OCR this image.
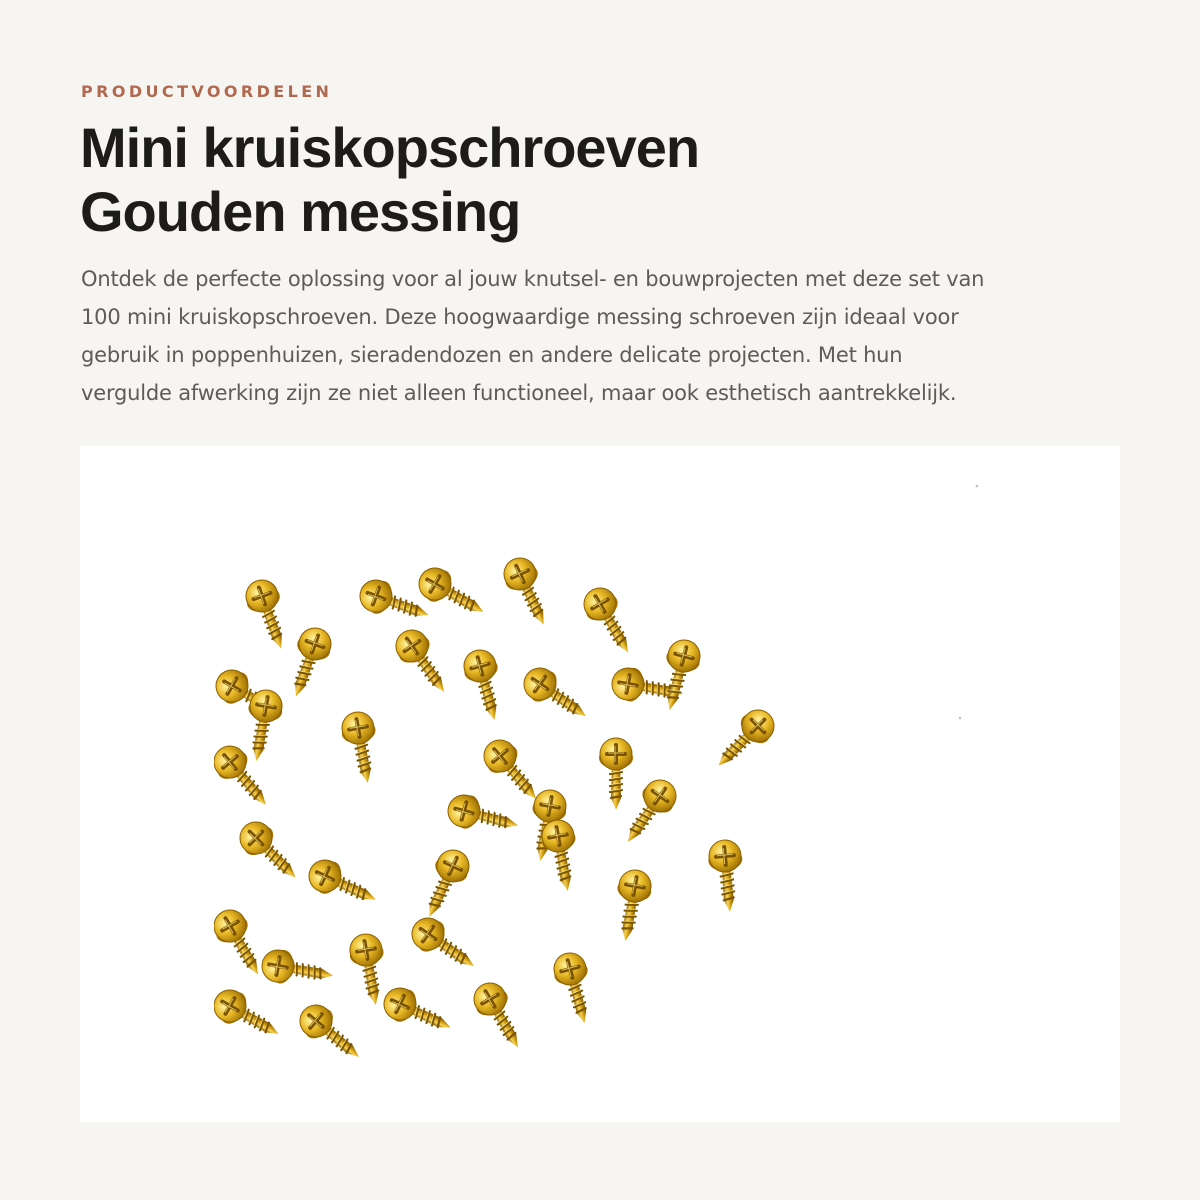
PRODUCTVOORDELEN
Mini kruiskopschroeven
Gouden messing

Ontdek de perfecte oplossing voor al jouw knutsel- en bouwprojecten met deze set van
100 mini kruiskopschroeven. Deze hoogwaardige messing schroeven zijn ideaal voor
gebruik in poppenhuizen, sieradendozen en andere delicate projecten. Met hun
vergulde afwerking zijn ze niet alleen functioneel, maar ook esthetisch aantrekkelijk.
